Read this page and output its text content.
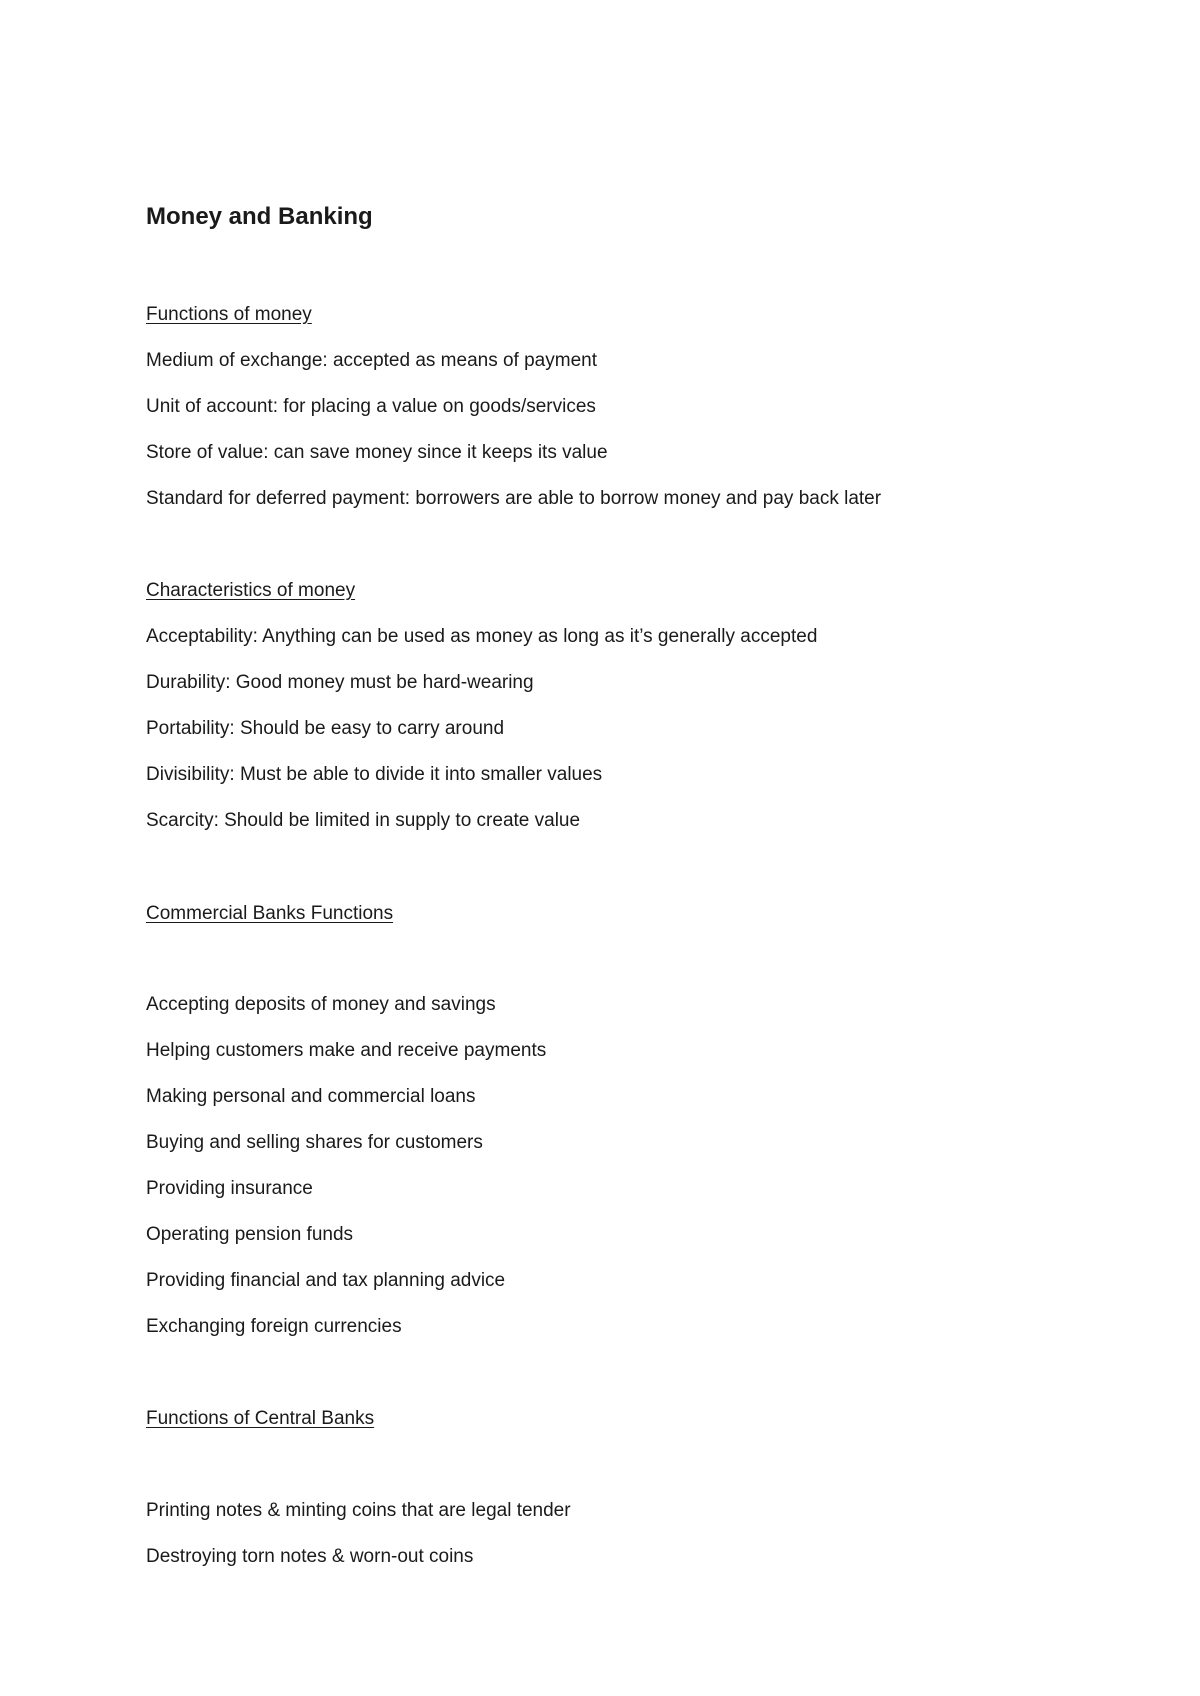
Money and Banking

Functions of money

Medium of exchange: accepted as means of payment

Unit of account: for placing a value on goods/services

Store of value: can save money since it keeps its value

Standard for deferred payment: borrowers are able to borrow money and pay back later

Characteristics of money

Acceptability: Anything can be used as money as long as it’s generally accepted

Durability: Good money must be hard-wearing

Portability: Should be easy to carry around

Divisibility: Must be able to divide it into smaller values

Scarcity: Should be limited in supply to create value

Commercial Banks Functions

Accepting deposits of money and savings

Helping customers make and receive payments

Making personal and commercial loans

Buying and selling shares for customers

Providing insurance

Operating pension funds

Providing financial and tax planning advice

Exchanging foreign currencies

Functions of Central Banks

Printing notes & minting coins that are legal tender

Destroying torn notes & worn-out coins
